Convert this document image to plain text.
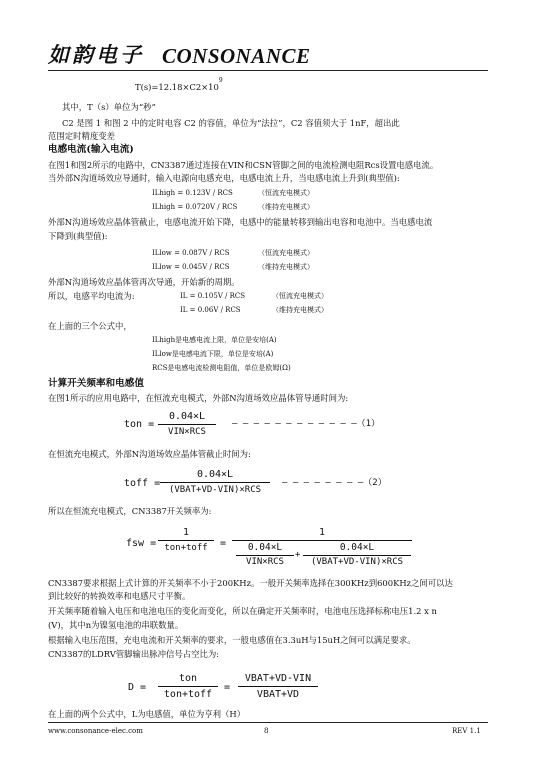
如韵电子 CONSONANCE
$T(s)=12.18\times C2\times 10^9$
其中，T（s）单位为“秒”
C2 是图 1 和图 2 中的定时电容 C2 的容值，单位为“法拉”，C2 容值须大于 1nF，超出此
范围定时精度变差
电感电流(输入电流)
在图1和图2所示的电路中，CN3387通过连接在VIN和CSN管脚之间的电流检测电阻Rcs设置电感电流。
当外部N沟道场效应导通时，输入电源向电感充电，电感电流上升，当电感电流上升到(典型值):
ILhigh = 0.123V / RCS	（恒流充电模式）
ILhigh = 0.0720V / RCS	（维持充电模式）
外部N沟道场效应晶体管截止，电感电流开始下降，电感中的能量转移到输出电容和电池中。当电感电流
下降到(典型值):
ILlow = 0.087V / RCS	（恒流充电模式）
ILlow = 0.045V / RCS	（维持充电模式）
外部N沟道场效应晶体管再次导通，开始新的周期。
所以，电感平均电流为:	IL = 0.105V / RCS	（恒流充电模式）
IL = 0.06V / RCS	（维持充电模式）
在上面的三个公式中，
ILhigh是电感电流上限，单位是安培(A)
ILlow是电感电流下限，单位是安培(A)
RCS是电感电流检测电阻值，单位是欧姆(Ω)
计算开关频率和电感值
在图1所示的应用电路中，在恒流充电模式，外部N沟道场效应晶体管导通时间为:
ton =
0.04×L
VIN×RCS
— — — — — — — — — — — —（1）
在恒流充电模式，外部N沟道场效应晶体管截止时间为:
toff =
0.04×L
(VBAT+VD-VIN)×RCS
— — — — — — — —（2）
所以在恒流充电模式，CN3387开关频率为:
fsw =
1
ton+toff	=
1
0.04×L
VIN×RCS
+
0.04×L
(VBAT+VD-VIN)×RCS
CN3387要求根据上式计算的开关频率不小于200KHz。一般开关频率选择在300KHz到600KHz之间可以达
到比较好的转换效率和电感尺寸平衡。
开关频率随着输入电压和电池电压的变化而变化，所以在确定开关频率时，电池电压选择标称电压1.2 x n
(V)，其中n为镍氢电池的串联数量。
根据输入电压范围，充电电流和开关频率的要求，一般电感值在3.3uH与15uH之间可以满足要求。
CN3387的LDRV管脚输出脉冲信号占空比为:
D =
ton
ton+toff
=
VBAT+VD-VIN
VBAT+VD
在上面的两个公式中，L为电感值，单位为亨利（H）
www.consonance-elec.com	8	REV 1.1
